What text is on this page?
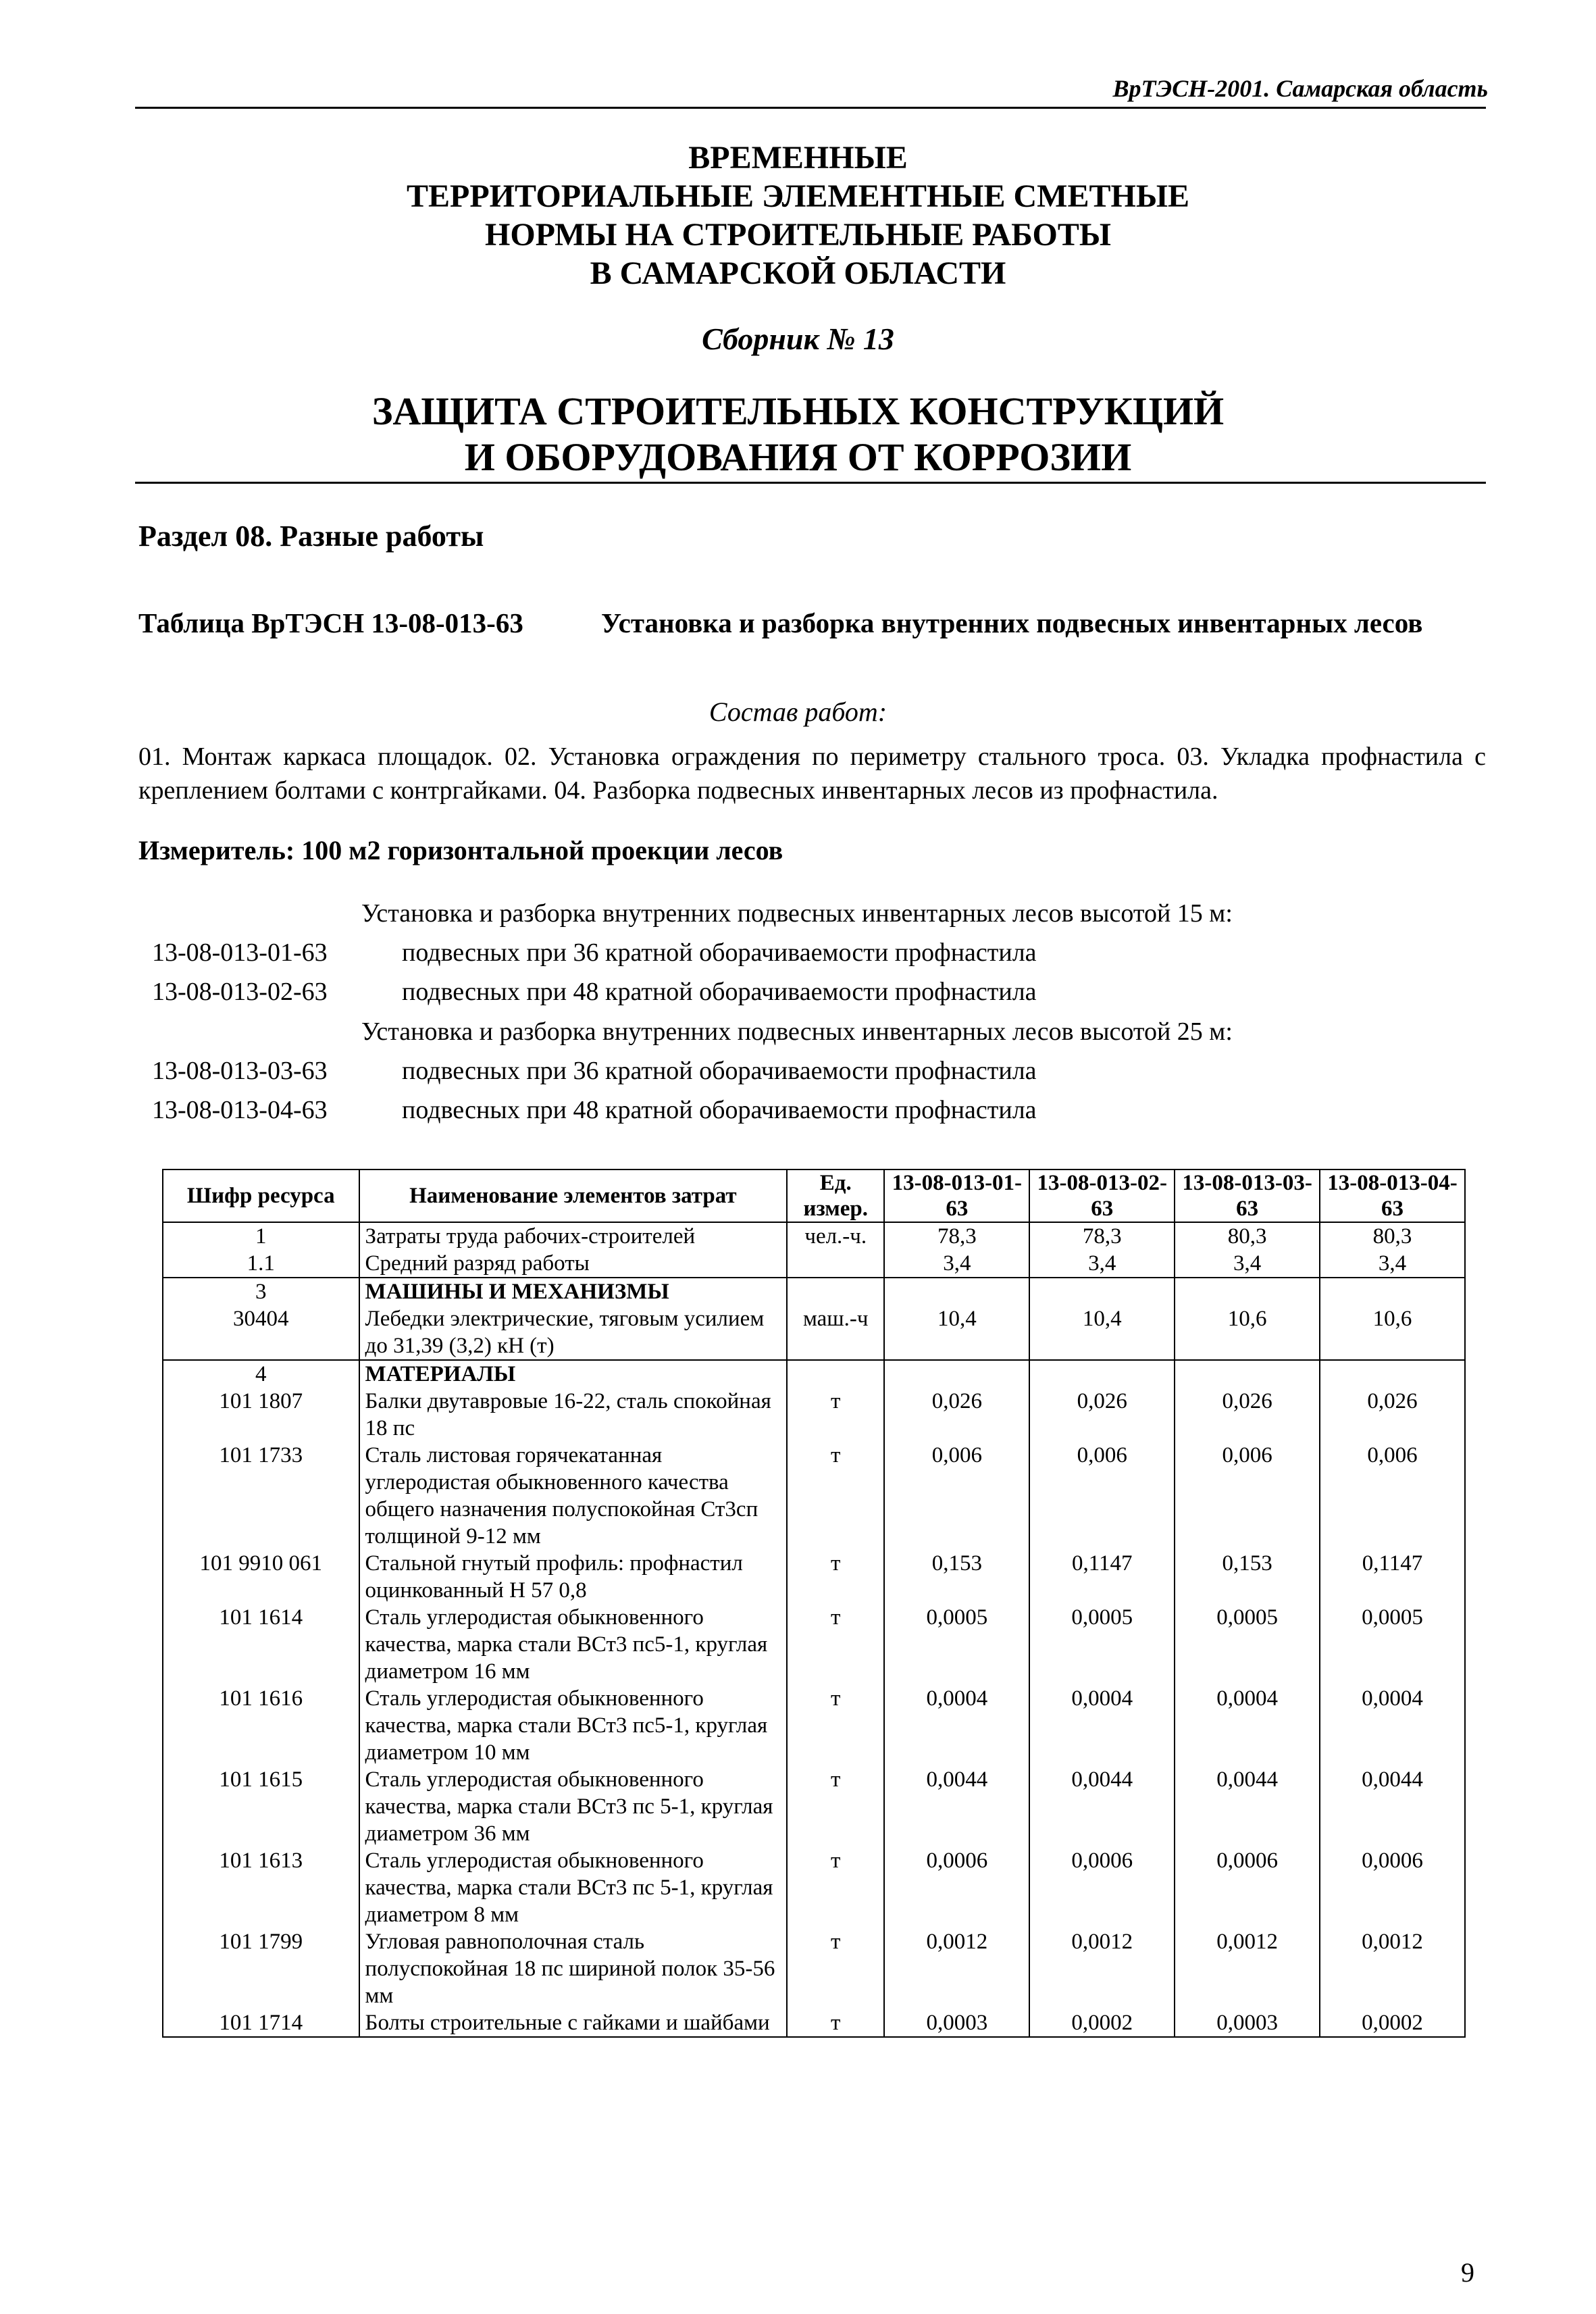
ВрТЭСН-2001. Самарская область
ВРЕМЕННЫЕ
ТЕРРИТОРИАЛЬНЫЕ ЭЛЕМЕНТНЫЕ СМЕТНЫЕ
НОРМЫ НА СТРОИТЕЛЬНЫЕ РАБОТЫ
В САМАРСКОЙ ОБЛАСТИ
Сборник № 13
ЗАЩИТА СТРОИТЕЛЬНЫХ КОНСТРУКЦИЙ
И ОБОРУДОВАНИЯ ОТ КОРРОЗИИ
Раздел 08. Разные работы
Таблица ВрТЭСН 13-08-013-63	Установка и разборка внутренних подвесных инвентарных лесов
Состав работ:
01. Монтаж каркаса площадок. 02. Установка ограждения по периметру стального троса. 03. Укладка профнастила с креплением болтами с контргайками. 04. Разборка подвесных инвентарных лесов из профнастила.
Измеритель: 100 м2 горизонтальной проекции лесов
Установка и разборка внутренних подвесных инвентарных лесов высотой 15 м:
13-08-013-01-63	подвесных при 36 кратной оборачиваемости профнастила
13-08-013-02-63	подвесных при 48 кратной оборачиваемости профнастила
Установка и разборка внутренних подвесных инвентарных лесов высотой 25 м:
13-08-013-03-63	подвесных при 36 кратной оборачиваемости профнастила
13-08-013-04-63	подвесных при 48 кратной оборачиваемости профнастила
Шифр ресурса	Наименование элементов затрат	Ед. измер.	13-08-013-01-63	13-08-013-02-63	13-08-013-03-63	13-08-013-04-63
1	Затраты труда рабочих-строителей	чел.-ч.	78,3	78,3	80,3	80,3
1.1	Средний разряд работы		3,4	3,4	3,4	3,4
3	МАШИНЫ И МЕХАНИЗМЫ					
30404	Лебедки электрические, тяговым усилием до 31,39 (3,2) кН (т)	маш.-ч	10,4	10,4	10,6	10,6
4	МАТЕРИАЛЫ					
101 1807	Балки двутавровые 16-22, сталь спокойная 18 пс	т	0,026	0,026	0,026	0,026
101 1733	Сталь листовая горячекатанная углеродистая обыкновенного качества общего назначения полуспокойная Ст3сп толщиной 9-12 мм	т	0,006	0,006	0,006	0,006
101 9910 061	Стальной гнутый профиль: профнастил оцинкованный Н 57 0,8	т	0,153	0,1147	0,153	0,1147
101 1614	Сталь углеродистая обыкновенного качества, марка стали ВСт3 пс5-1, круглая диаметром 16 мм	т	0,0005	0,0005	0,0005	0,0005
101 1616	Сталь углеродистая обыкновенного качества, марка стали ВСт3 пс5-1, круглая диаметром 10 мм	т	0,0004	0,0004	0,0004	0,0004
101 1615	Сталь углеродистая обыкновенного качества, марка стали ВСт3 пс 5-1, круглая диаметром 36 мм	т	0,0044	0,0044	0,0044	0,0044
101 1613	Сталь углеродистая обыкновенного качества, марка стали ВСт3 пс 5-1, круглая диаметром 8 мм	т	0,0006	0,0006	0,0006	0,0006
101 1799	Угловая равнополочная сталь полуспокойная 18 пс шириной полок 35-56 мм	т	0,0012	0,0012	0,0012	0,0012
101 1714	Болты строительные с гайками и шайбами	т	0,0003	0,0002	0,0003	0,0002
9
